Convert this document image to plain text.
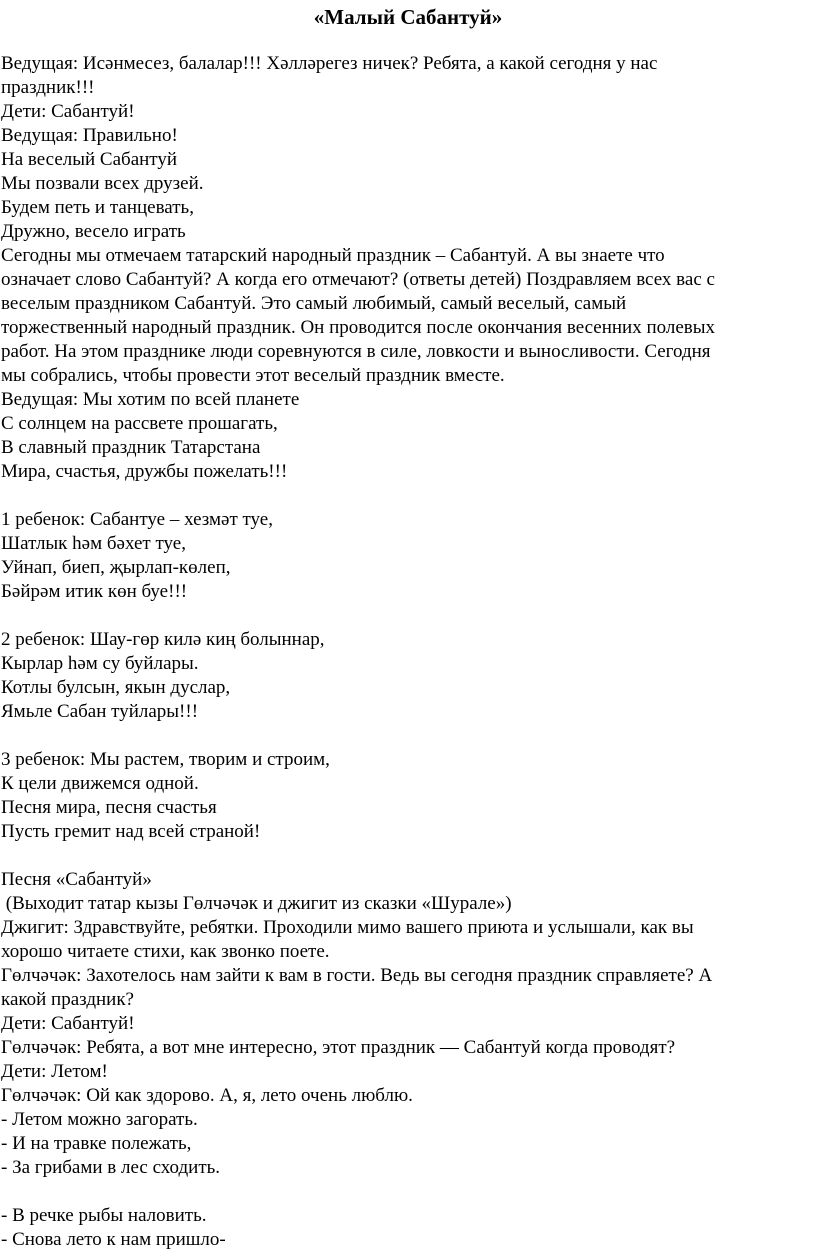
«Малый Сабантуй»
Ведущая: Исәнмесез, балалар!!! Хәлләрегез ничек? Ребята, а какой сегодня у нас
праздник!!!
Дети: Сабантуй!
Ведущая: Правильно!
На веселый Сабантуй
Мы позвали всех друзей.
Будем петь и танцевать,
Дружно, весело играть
Сегодны мы отмечаем татарский народный праздник – Сабантуй. А вы знаете что
означает слово Сабантуй? А когда его отмечают? (ответы детей) Поздравляем всех вас с
веселым праздником Сабантуй. Это самый любимый, самый веселый, самый
торжественный народный праздник. Он проводится после окончания весенних полевых
работ. На этом празднике люди соревнуются в силе, ловкости и выносливости. Сегодня
мы собрались, чтобы провести этот веселый праздник вместе.
Ведущая: Мы хотим по всей планете
С солнцем на рассвете прошагать,
В славный праздник Татарстана
Мира, счастья, дружбы пожелать!!!
1 ребенок: Сабантуе – хезмәт туе,
Шатлык һәм бәхет туе,
Уйнап, биеп, җырлап-көлеп,
Бәйрәм итик көн буе!!!
2 ребенок: Шау-гөр килә киң болыннар,
Кырлар һәм су буйлары.
Котлы булсын, якын дуслар,
Ямьле Сабан туйлары!!!
3 ребенок: Мы растем, творим и строим,
К цели движемся одной.
Песня мира, песня счастья
Пусть гремит над всей страной!
Песня «Сабантуй»
(Выходит татар кызы Гөлчәчәк и джигит из сказки «Шурале»)
Джигит: Здравствуйте, ребятки. Проходили мимо вашего приюта и услышали, как вы
хорошо читаете стихи, как звонко поете.
Гөлчәчәк: Захотелось нам зайти к вам в гости. Ведь вы сегодня праздник справляете? А
какой праздник?
Дети: Сабантуй!
Гөлчәчәк: Ребята, а вот мне интересно, этот праздник — Сабантуй когда проводят?
Дети: Летом!
Гөлчәчәк: Ой как здорово. А, я, лето очень люблю.
- Летом можно загорать.
- И на травке полежать,
- За грибами в лес сходить.
- В речке рыбы наловить.
- Снова лето к нам пришло-
